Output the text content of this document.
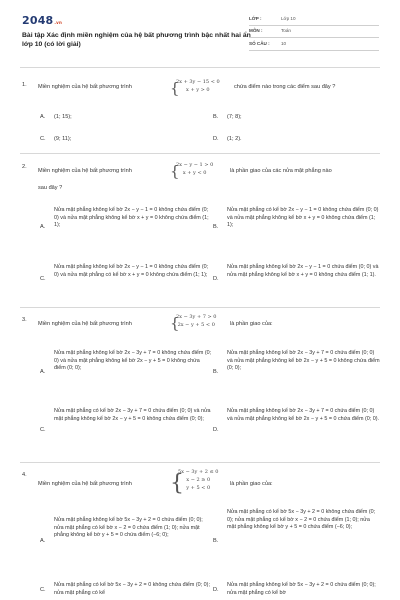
2048.vn
Bài tập Xác định miền nghiệm của hệ bất phương trình bậc nhất hai ẩn lớp 10 (có lời giải)
LỚP :	Lớp 10
MÔN :	Toán
SỐ CÂU :	10
1. Miền nghiệm của hệ bất phương trình	{
2x + 3y − 15 < 0
x + y > 0	chứa điểm nào trong các điểm sau đây ?
A. (1; 15);	B. (7; 8);
C. (9; 11);	D. (1; 2).
2.
Miền nghiệm của hệ bất phương trình	{
2x − y − 1 > 0
x + y < 0	là phần giao của các nửa mặt phẳng nào
sau đây ?
A.
Nửa mặt phẳng không kể bờ 2x − y − 1 = 0 không chứa điểm (0; 0) và nửa mặt phẳng không kể bờ x + y = 0 không chứa điểm (1; 1);	B.
Nửa mặt phẳng có kể bờ 2x − y − 1 = 0 không chứa điểm (0; 0) và nửa mặt phẳng không kể bờ x + y = 0 không chứa điểm (1; 1);
C.
Nửa mặt phẳng không kể bờ 2x − y − 1 = 0 không chứa điểm (0; 0) và nửa mặt phẳng có kể bờ x + y = 0 không chứa điểm (1; 1);
D.
Nửa mặt phẳng không kể bờ 2x − y − 1 = 0 chứa điểm (0; 0) và nửa mặt phẳng không kể bờ x + y = 0 không chứa điểm (1; 1).
3.
Miền nghiệm của hệ bất phương trình	{
2x − 3y + 7 > 0
2x − y + 5 < 0	là phần giao của:
A.
Nửa mặt phẳng không kể bờ 2x − 3y + 7 = 0 không chứa điểm (0; 0) và nửa mặt phẳng không kể bờ 2x − y + 5 = 0 không chứa điểm (0; 0);
B.
Nửa mặt phẳng không kể bờ 2x − 3y + 7 = 0 chứa điểm (0; 0) và nửa mặt phẳng không kể bờ 2x − y + 5 = 0 không chứa điểm (0; 0);
C.
Nửa mặt phẳng có kể bờ 2x − 3y + 7 = 0 chứa điểm (0; 0) và nửa mặt phẳng không kể bờ 2x − y + 5 = 0 không chứa điểm (0; 0);
D.
Nửa mặt phẳng không kể bờ 2x − 3y + 7 = 0 chứa điểm (0; 0) và nửa mặt phẳng không kể bờ 2x − y + 5 = 0 chứa điểm (0; 0).
4.
Miền nghiệm của hệ bất phương trình {
5x − 3y + 2 ≤ 0
x − 2 ≥ 0
y + 5 < 0
là phần giao của:
A.
Nửa mặt phẳng không kể bờ 5x − 3y + 2 = 0 chứa điểm (0; 0); nửa mặt phẳng có kể bờ x − 2 = 0 chứa điểm (1; 0); nửa mặt phẳng không kể bờ y + 5 = 0 chứa điểm (−6; 0);
B.
Nửa mặt phẳng có kể bờ 5x − 3y + 2 = 0 không chứa điểm (0; 0); nửa mặt phẳng có kể bờ x − 2 = 0 chứa điểm (1; 0); nửa mặt phẳng không kể bờ y + 5 = 0 chứa điểm (−6; 0);
C.
Nửa mặt phẳng có kể bờ 5x − 3y + 2 = 0 không chứa điểm (0; 0); nửa mặt phẳng có kể	D.
Nửa mặt phẳng không kể bờ 5x − 3y + 2 = 0 chứa điểm (0; 0); nửa mặt phẳng có kể bờ
